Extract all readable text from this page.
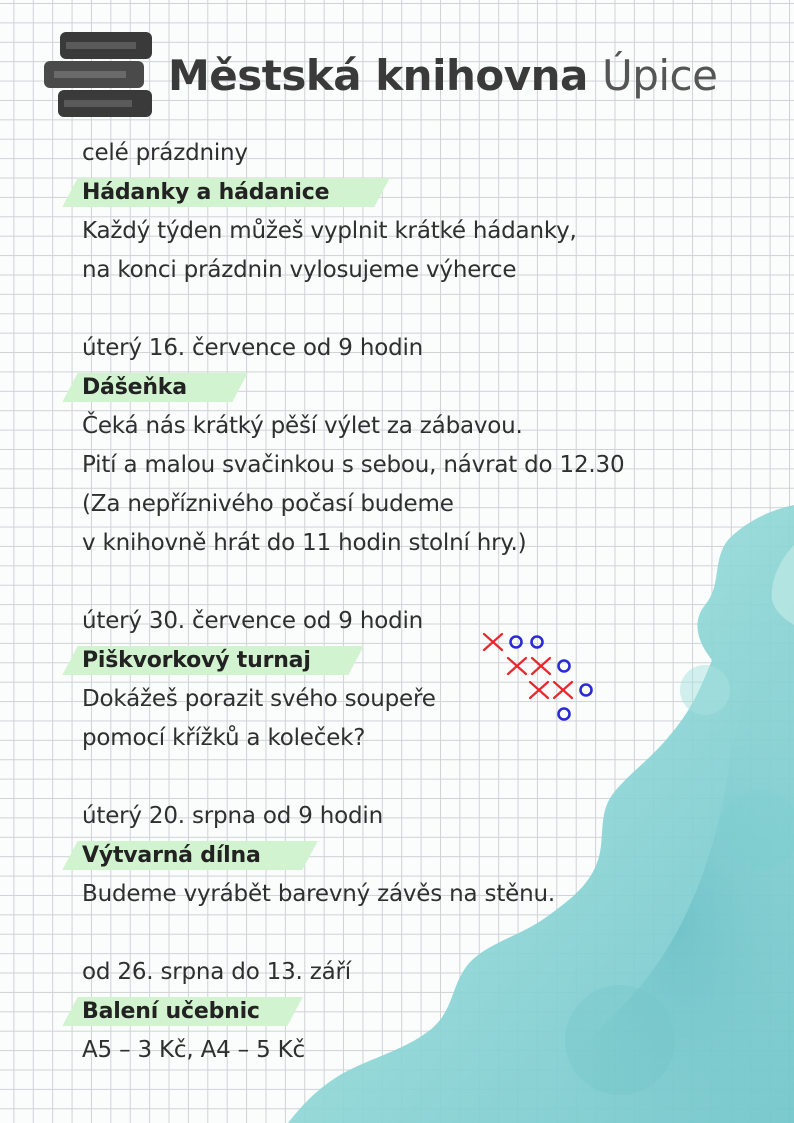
Městská knihovna Úpice
celé prázdniny
Hádanky a hádanice
Každý týden můžeš vyplnit krátké hádanky,
na konci prázdnin vylosujeme výherce
úterý 16. července od 9 hodin
Dášeňka
Čeká nás krátký pěší výlet za zábavou.
Pití a malou svačinkou s sebou, návrat do 12.30
(Za nepříznivého počasí budeme
v knihovně hrát do 11 hodin stolní hry.)
úterý 30. července od 9 hodin
Piškvorkový turnaj
Dokážeš porazit svého soupeře
pomocí křížků a koleček?
úterý 20. srpna od 9 hodin
Výtvarná dílna
Budeme vyrábět barevný závěs na stěnu.
od 26. srpna do 13. září
Balení učebnic
A5 – 3 Kč, A4 – 5 Kč
